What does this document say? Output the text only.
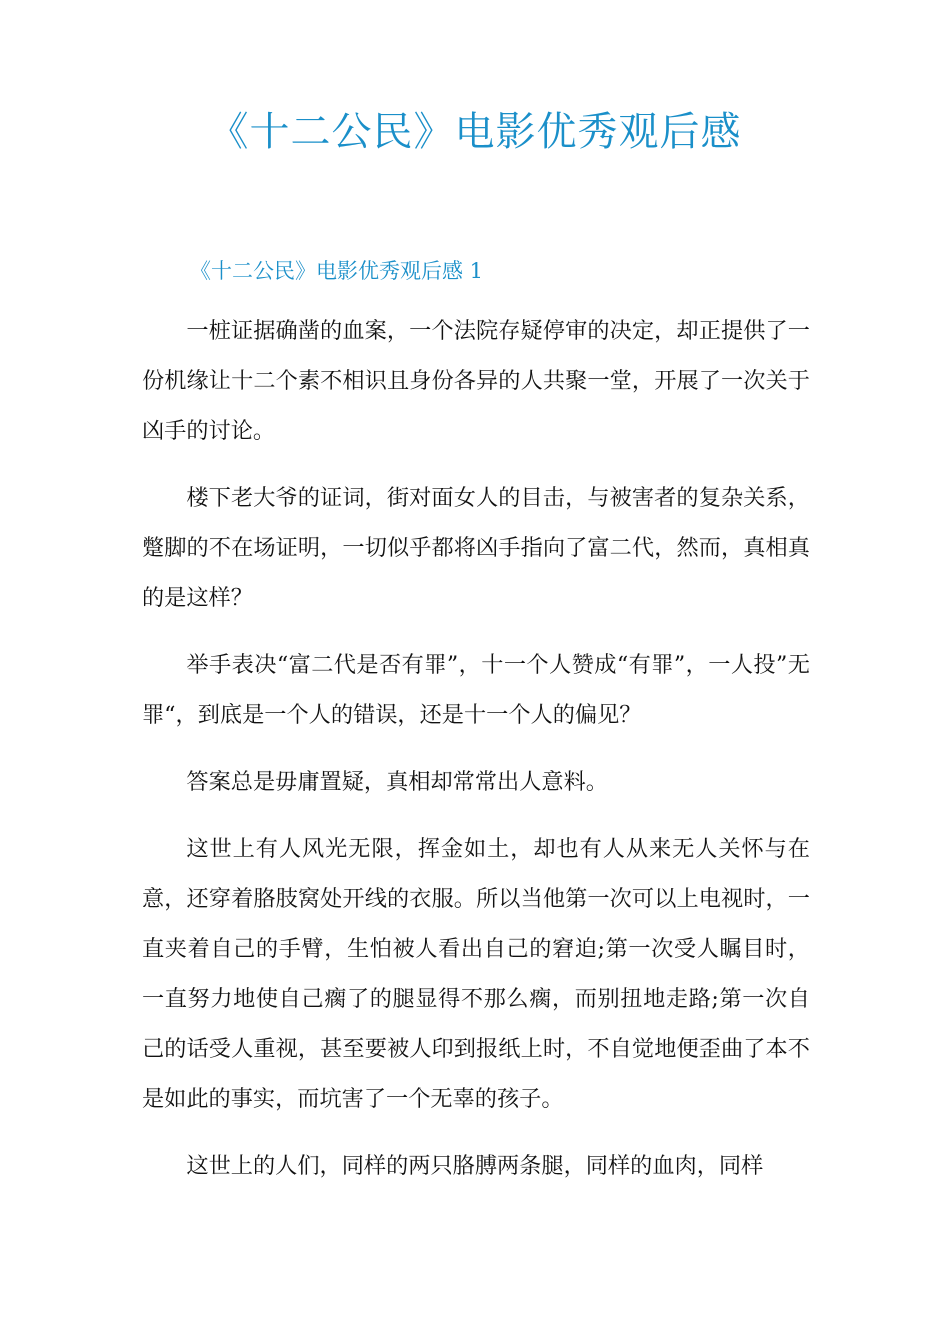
《十二公民》电影优秀观后感
《十二公民》电影优秀观后感 1

一桩证据确凿的血案，一个法院存疑停审的决定，却正提供了一份机缘让十二个素不相识且身份各异的人共聚一堂，开展了一次关于凶手的讨论。

楼下老大爷的证词，街对面女人的目击，与被害者的复杂关系，蹩脚的不在场证明，一切似乎都将凶手指向了富二代，然而，真相真的是这样？

举手表决“富二代是否有罪”，十一个人赞成“有罪”，一人投”无罪“，到底是一个人的错误，还是十一个人的偏见？

答案总是毋庸置疑，真相却常常出人意料。

这世上有人风光无限，挥金如土，却也有人从来无人关怀与在意，还穿着胳肢窝处开线的衣服。所以当他第一次可以上电视时，一直夹着自己的手臂，生怕被人看出自己的窘迫;第一次受人瞩目时，一直努力地使自己瘸了的腿显得不那么瘸，而别扭地走路;第一次自己的话受人重视，甚至要被人印到报纸上时，不自觉地便歪曲了本不是如此的事实，而坑害了一个无辜的孩子。

这世上的人们，同样的两只胳膊两条腿，同样的血肉，同样
